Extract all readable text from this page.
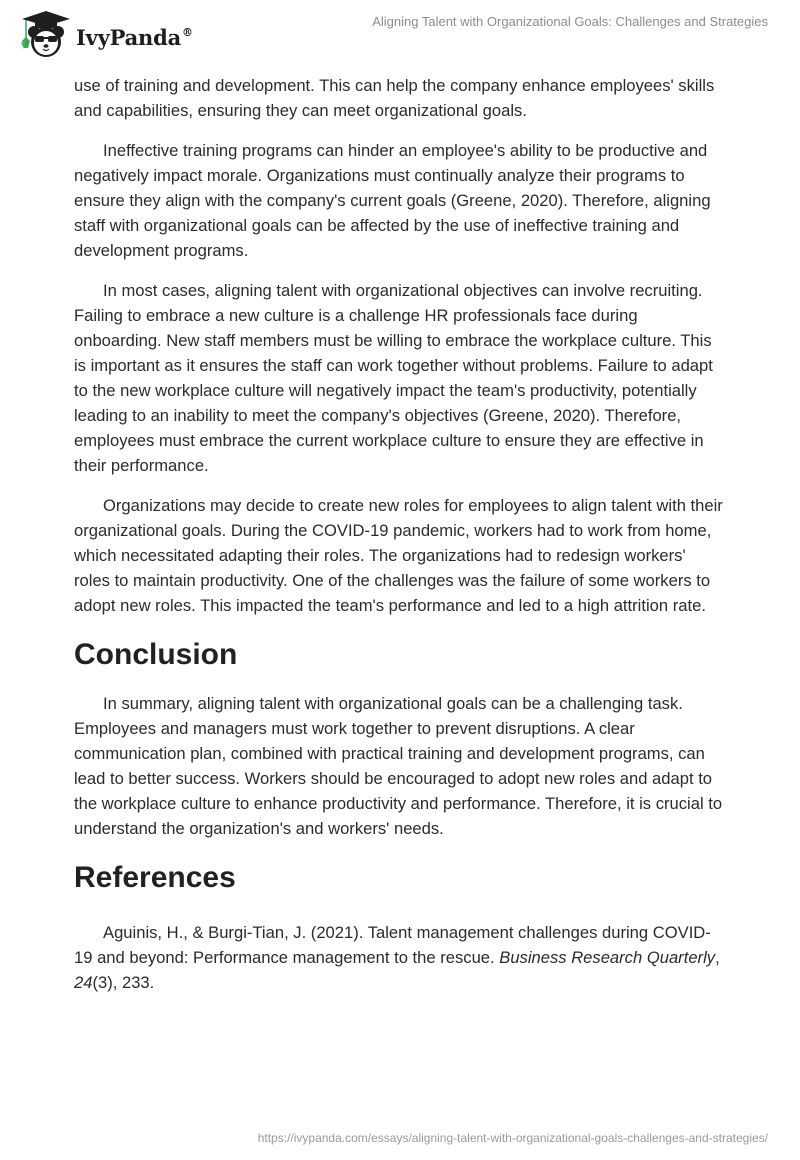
IvyPanda®
Aligning Talent with Organizational Goals: Challenges and Strategies

use of training and development. This can help the company enhance employees' skills and capabilities, ensuring they can meet organizational goals.

Ineffective training programs can hinder an employee's ability to be productive and negatively impact morale. Organizations must continually analyze their programs to ensure they align with the company's current goals (Greene, 2020). Therefore, aligning staff with organizational goals can be affected by the use of ineffective training and development programs.

In most cases, aligning talent with organizational objectives can involve recruiting. Failing to embrace a new culture is a challenge HR professionals face during onboarding. New staff members must be willing to embrace the workplace culture. This is important as it ensures the staff can work together without problems. Failure to adapt to the new workplace culture will negatively impact the team's productivity, potentially leading to an inability to meet the company's objectives (Greene, 2020). Therefore, employees must embrace the current workplace culture to ensure they are effective in their performance.

Organizations may decide to create new roles for employees to align talent with their organizational goals. During the COVID-19 pandemic, workers had to work from home, which necessitated adapting their roles. The organizations had to redesign workers' roles to maintain productivity. One of the challenges was the failure of some workers to adopt new roles. This impacted the team's performance and led to a high attrition rate.

Conclusion

In summary, aligning talent with organizational goals can be a challenging task. Employees and managers must work together to prevent disruptions. A clear communication plan, combined with practical training and development programs, can lead to better success. Workers should be encouraged to adopt new roles and adapt to the workplace culture to enhance productivity and performance. Therefore, it is crucial to understand the organization's and workers' needs.

References

Aguinis, H., & Burgi-Tian, J. (2021). Talent management challenges during COVID-19 and beyond: Performance management to the rescue. Business Research Quarterly, 24(3), 233.

https://ivypanda.com/essays/aligning-talent-with-organizational-goals-challenges-and-strategies/
